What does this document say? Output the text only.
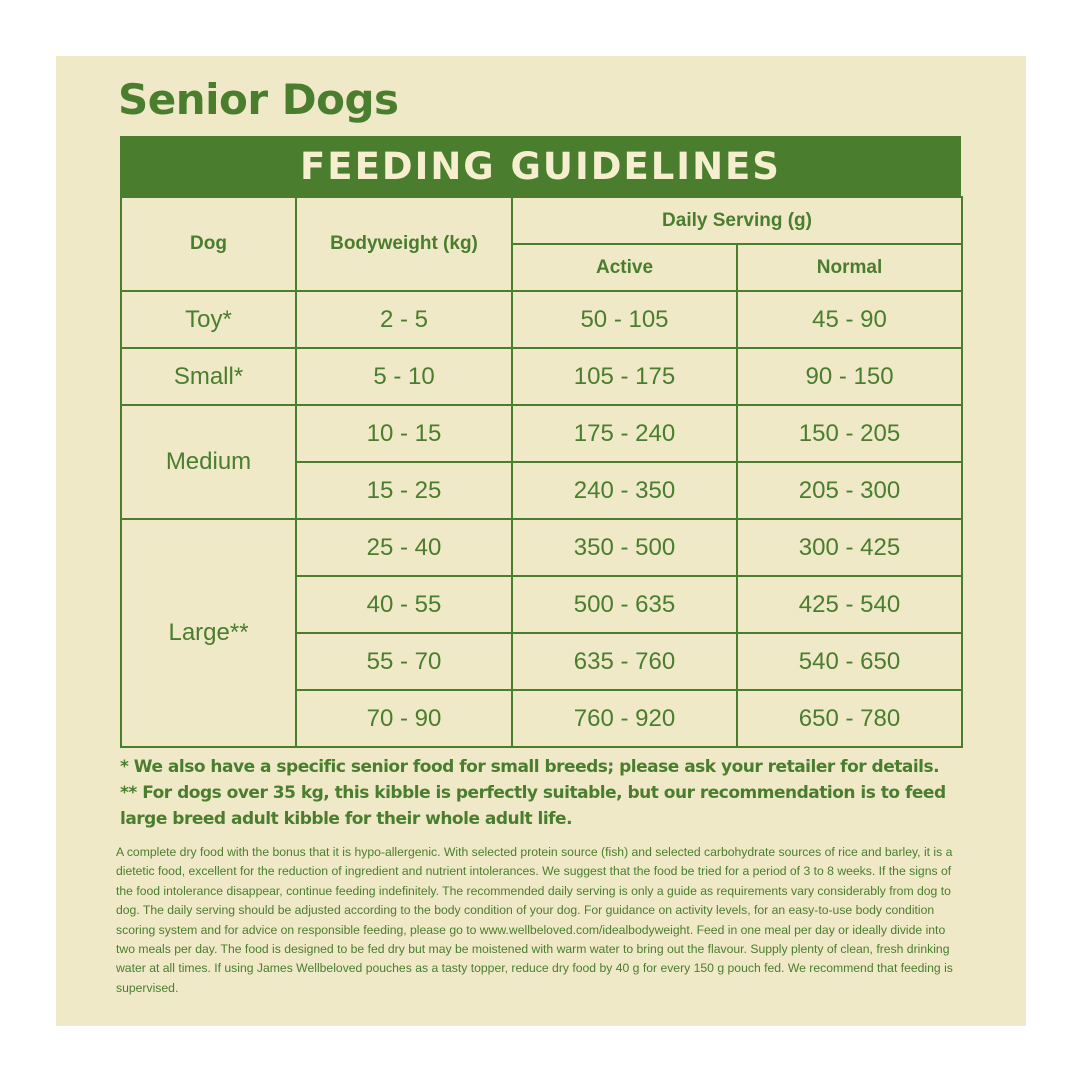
Senior Dogs
FEEDING GUIDELINES
Dog	Bodyweight (kg)	Daily Serving (g)	
		Active	Normal
Toy*	2 - 5	50 - 105	45 - 90
Small*	5 - 10	105 - 175	90 - 150
Medium	10 - 15	175 - 240	150 - 205
	15 - 25	240 - 350	205 - 300
Large**	25 - 40	350 - 500	300 - 425
	40 - 55	500 - 635	425 - 540
	55 - 70	635 - 760	540 - 650
	70 - 90	760 - 920	650 - 780

* We also have a specific senior food for small breeds; please ask your retailer for details.

** For dogs over 35 kg, this kibble is perfectly suitable, but our recommendation is to feed

large breed adult kibble for their whole adult life.

A complete dry food with the bonus that it is hypo-allergenic. With selected protein source (fish) and selected carbohydrate sources of rice and barley, it is a dietetic food, excellent for the reduction of ingredient and nutrient intolerances. We suggest that the food be tried for a period of 3 to 8 weeks. If the signs of the food intolerance disappear, continue feeding indefinitely. The recommended daily serving is only a guide as requirements vary considerably from dog to dog. The daily serving should be adjusted according to the body condition of your dog. For guidance on activity levels, for an easy-to-use body condition scoring system and for advice on responsible feeding, please go to www.wellbeloved.com/idealbodyweight. Feed in one meal per day or ideally divide into two meals per day. The food is designed to be fed dry but may be moistened with warm water to bring out the flavour. Supply plenty of clean, fresh drinking water at all times. If using James Wellbeloved pouches as a tasty topper, reduce dry food by 40 g for every 150 g pouch fed. We recommend that feeding is supervised.
